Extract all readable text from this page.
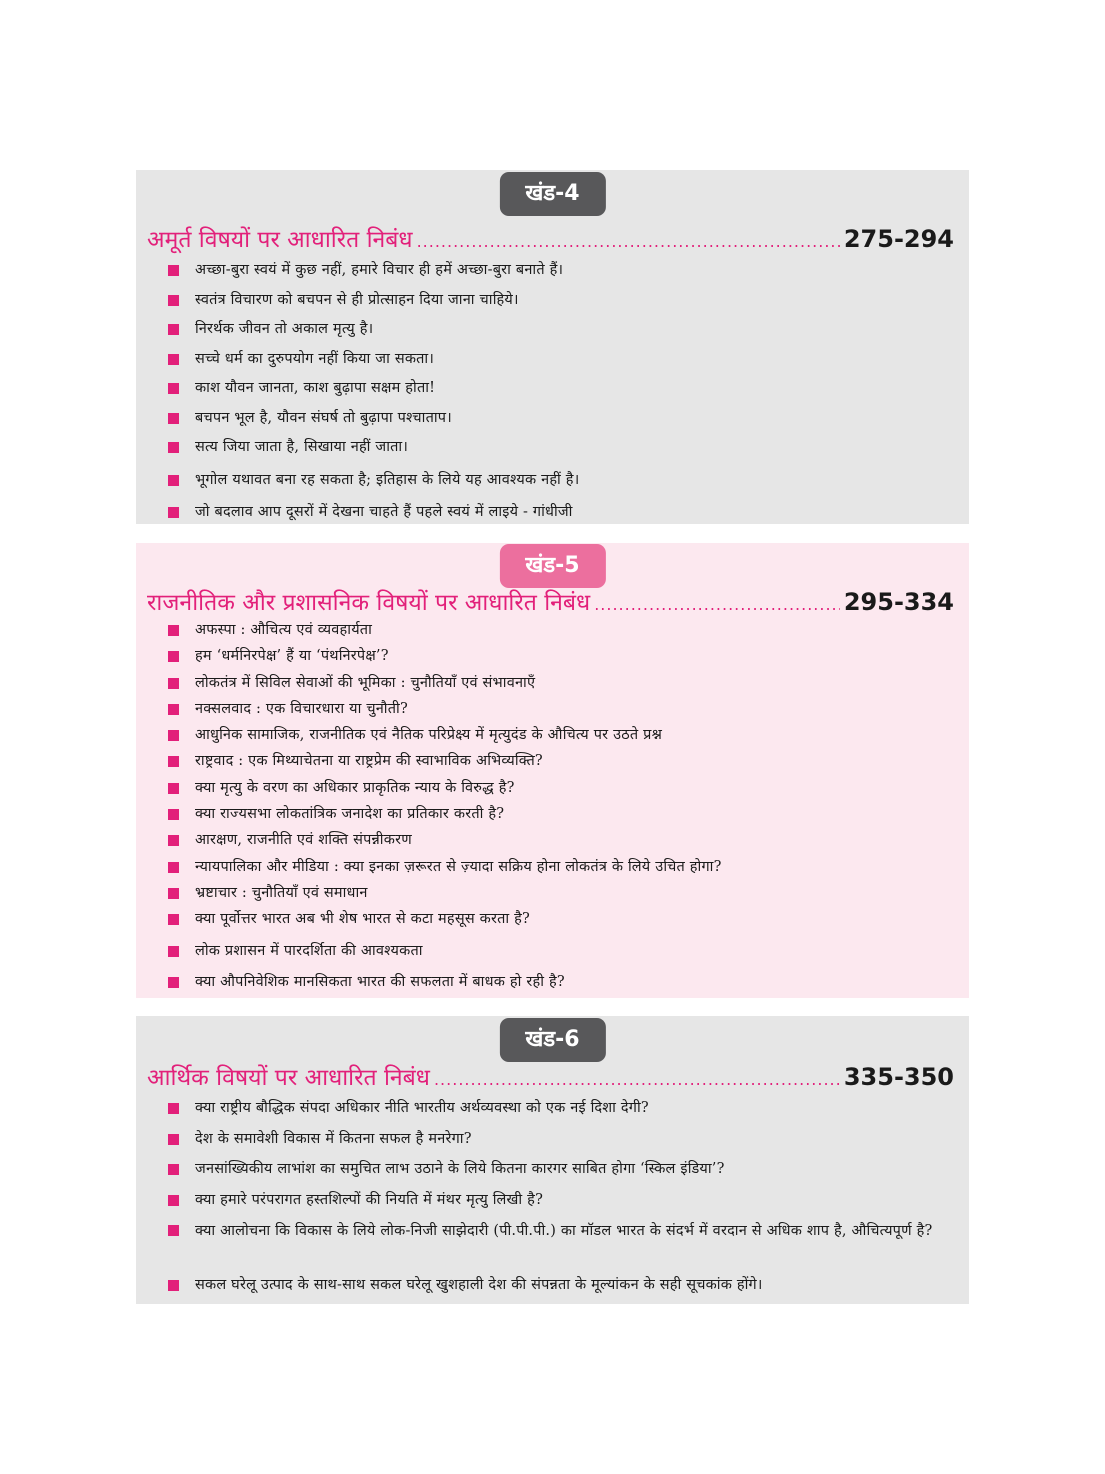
खंड-4
अमूर्त विषयों पर आधारित निबंध .....	275-294
अच्छा-बुरा स्वयं में कुछ नहीं, हमारे विचार ही हमें अच्छा-बुरा बनाते हैं।
स्वतंत्र विचारण को बचपन से ही प्रोत्साहन दिया जाना चाहिये।
निरर्थक जीवन तो अकाल मृत्यु है।
सच्चे धर्म का दुरुपयोग नहीं किया जा सकता।
काश यौवन जानता, काश बुढ़ापा सक्षम होता!
बचपन भूल है, यौवन संघर्ष तो बुढ़ापा पश्चाताप।
सत्य जिया जाता है, सिखाया नहीं जाता।
भूगोल यथावत बना रह सकता है; इतिहास के लिये यह आवश्यक नहीं है।
जो बदलाव आप दूसरों में देखना चाहते हैं पहले स्वयं में लाइये - गांधीजी
खंड-5
राजनीतिक और प्रशासनिक विषयों पर आधारित निबंध .....	295-334
अफस्पा : औचित्य एवं व्यवहार्यता
हम ‘धर्मनिरपेक्ष’ हैं या ‘पंथनिरपेक्ष’?
लोकतंत्र में सिविल सेवाओं की भूमिका : चुनौतियाँ एवं संभावनाएँ
नक्सलवाद : एक विचारधारा या चुनौती?
आधुनिक सामाजिक, राजनीतिक एवं नैतिक परिप्रेक्ष्य में मृत्युदंड के औचित्य पर उठते प्रश्न
राष्ट्रवाद : एक मिथ्याचेतना या राष्ट्रप्रेम की स्वाभाविक अभिव्यक्ति?
क्या मृत्यु के वरण का अधिकार प्राकृतिक न्याय के विरुद्ध है?
क्या राज्यसभा लोकतांत्रिक जनादेश का प्रतिकार करती है?
आरक्षण, राजनीति एवं शक्ति संपन्नीकरण
न्यायपालिका और मीडिया : क्या इनका ज़रूरत से ज़्यादा सक्रिय होना लोकतंत्र के लिये उचित होगा?
भ्रष्टाचार : चुनौतियाँ एवं समाधान
क्या पूर्वोत्तर भारत अब भी शेष भारत से कटा महसूस करता है?
लोक प्रशासन में पारदर्शिता की आवश्यकता
क्या औपनिवेशिक मानसिकता भारत की सफलता में बाधक हो रही है?
खंड-6
आर्थिक विषयों पर आधारित निबंध .....	335-350
क्या राष्ट्रीय बौद्धिक संपदा अधिकार नीति भारतीय अर्थव्यवस्था को एक नई दिशा देगी?
देश के समावेशी विकास में कितना सफल है मनरेगा?
जनसांख्यिकीय लाभांश का समुचित लाभ उठाने के लिये कितना कारगर साबित होगा ‘स्किल इंडिया’?
क्या हमारे परंपरागत हस्तशिल्पों की नियति में मंथर मृत्यु लिखी है?
क्या आलोचना कि विकास के लिये लोक-निजी साझेदारी (पी.पी.पी.) का मॉडल भारत के संदर्भ में वरदान से अधिक शाप है, औचित्यपूर्ण है?
सकल घरेलू उत्पाद के साथ-साथ सकल घरेलू खुशहाली देश की संपन्नता के मूल्यांकन के सही सूचकांक होंगे।
